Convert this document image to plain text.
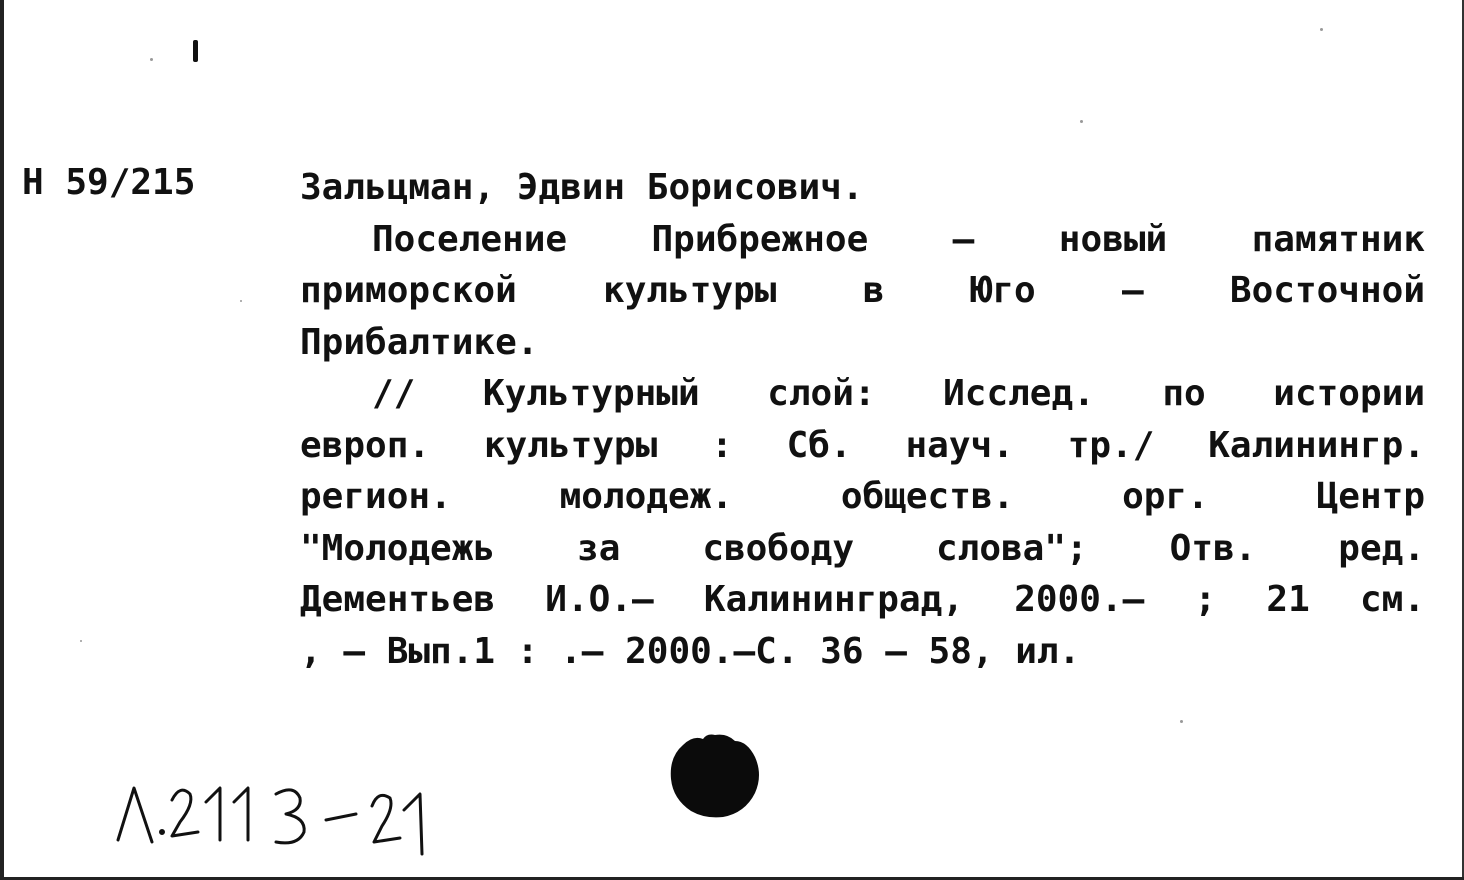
Н 59/215	Зальцман, Эдвин Борисович.
Поселение Прибрежное – новый памятник
приморской культуры в Юго – Восточной
Прибалтике.
// Культурный слой: Исслед. по истории
европ. культуры : Сб. науч. тр./ Калинингр.
регион. молодеж. обществ. орг. Центр
"Молодежь за свободу слова"; Отв. ред.
Дементьев И.О.– Калининград, 2000.– ; 21 см.
, – Вып.1 : .– 2000.–С. 36 – 58, ил.
